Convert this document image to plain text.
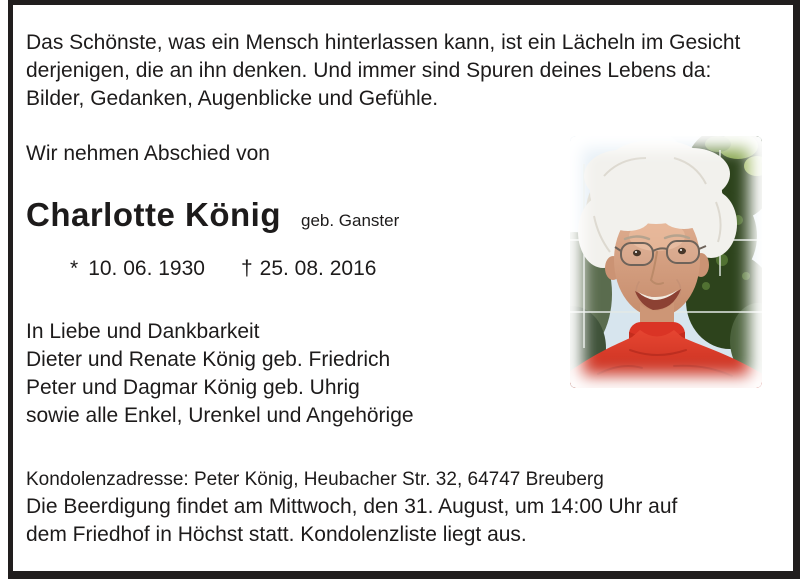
Das Schönste, was ein Mensch hinterlassen kann, ist ein Lächeln im Gesicht
derjenigen, die an ihn denken. Und immer sind Spuren deines Lebens da:
Bilder, Gedanken, Augenblicke und Gefühle.
Wir nehmen Abschied von
Charlotte König geb. Ganster
* 10. 06. 1930 † 25. 08. 2016
In Liebe und Dankbarkeit
Dieter und Renate König geb. Friedrich
Peter und Dagmar König geb. Uhrig
sowie alle Enkel, Urenkel und Angehörige
Kondolenzadresse: Peter König, Heubacher Str. 32, 64747 Breuberg
Die Beerdigung findet am Mittwoch, den 31. August, um 14:00 Uhr auf
dem Friedhof in Höchst statt. Kondolenzliste liegt aus.
